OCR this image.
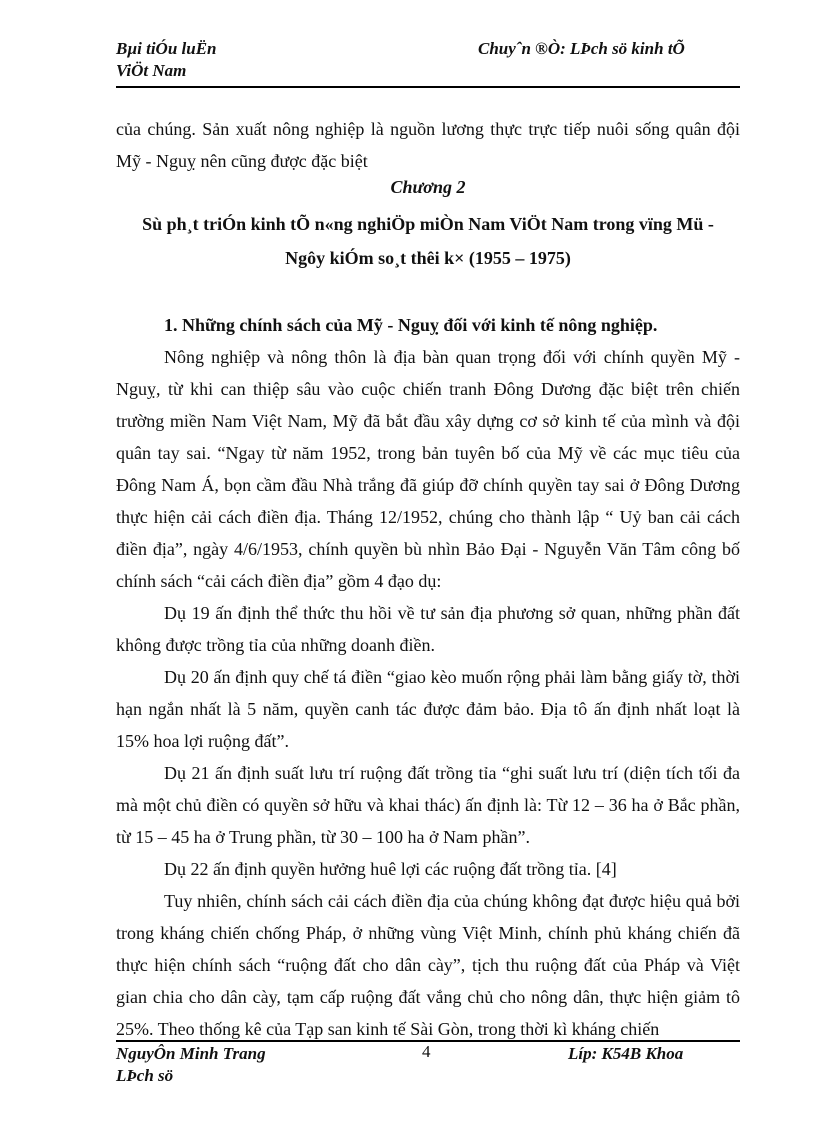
Bµi tiÓu luËn
ViÖt Nam
Chuyˆn ®Ò: LÞch sö kinh tÕ

của chúng. Sản xuất nông nghiệp là nguồn lương thực trực tiếp nuôi sống quân đội Mỹ - Nguỵ nên cũng được đặc biệt

Chương 2

Sù ph¸t triÓn kinh tÕ n«ng nghiÖp miÒn Nam ViÖt Nam trong vïng Mü -

Ngôy kiÓm so¸t thêi k× (1955 – 1975)

1. Những chính sách của Mỹ - Nguỵ đối với kinh tế nông nghiệp.

Nông nghiệp và nông thôn là địa bàn quan trọng đối với chính quyền Mỹ - Nguỵ, từ khi can thiệp sâu vào cuộc chiến tranh Đông Dương đặc biệt trên chiến trường miền Nam Việt Nam, Mỹ đã bắt đầu xây dựng cơ sở kinh tế của mình và đội quân tay sai. “Ngay từ năm 1952, trong bản tuyên bố của Mỹ về các mục tiêu của Đông Nam Á, bọn cầm đầu Nhà trắng đã giúp đỡ chính quyền tay sai ở Đông Dương thực hiện cải cách điền địa. Tháng 12/1952, chúng cho thành lập “ Uỷ ban cải cách điền địa”, ngày 4/6/1953, chính quyền bù nhìn Bảo Đại - Nguyễn Văn Tâm công bố chính sách “cải cách điền địa” gồm 4 đạo dụ:

Dụ 19 ấn định thể thức thu hồi về tư sản địa phương sở quan, những phần đất không được trồng tỉa của những doanh điền.

Dụ 20 ấn định quy chế tá điền “giao kèo muốn rộng phải làm bằng giấy tờ, thời hạn ngắn nhất là 5 năm, quyền canh tác được đảm bảo. Địa tô ấn định nhất loạt là 15% hoa lợi ruộng đất”.

Dụ 21 ấn định suất lưu trí ruộng đất trồng tỉa “ghi suất lưu trí (diện tích tối đa mà một chủ điền có quyền sở hữu và khai thác) ấn định là: Từ 12 – 36 ha ở Bắc phần, từ 15 – 45 ha ở Trung phần, từ 30 – 100 ha ở Nam phần”.

Dụ 22 ấn định quyền hưởng huê lợi các ruộng đất trồng tỉa. [4]

Tuy nhiên, chính sách cải cách điền địa của chúng không đạt được hiệu quả bởi trong kháng chiến chống Pháp, ở những vùng Việt Minh, chính phủ kháng chiến đã thực hiện chính sách “ruộng đất cho dân cày”, tịch thu ruộng đất của Pháp và Việt gian chia cho dân cày, tạm cấp ruộng đất vắng chủ cho nông dân, thực hiện giảm tô 25%. Theo thống kê của Tạp san kinh tế Sài Gòn, trong thời kì kháng chiến

NguyÔn Minh Trang
LÞch sö
4	Líp: K54B Khoa
